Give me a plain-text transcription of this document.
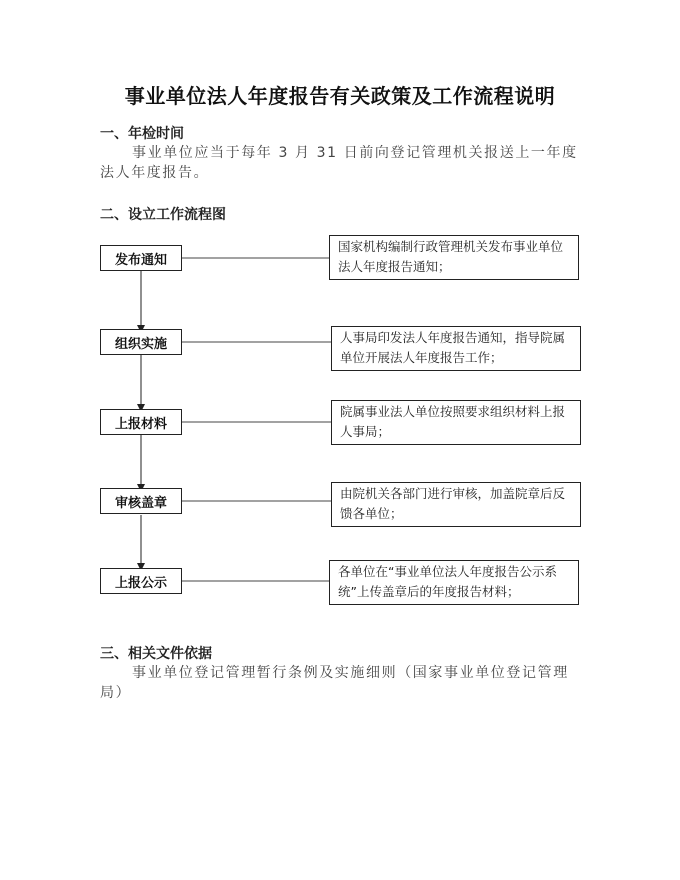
事业单位法人年度报告有关政策及工作流程说明
一、年检时间
事业单位应当于每年 3 月 31 日前向登记管理机关报送上一年度法人年度报告。
二、设立工作流程图
发布通知
国家机构编制行政管理机关发布事业单位法人年度报告通知；
组织实施	人事局印发法人年度报告通知，指导院属单位开展法人年度报告工作；
上报材料
院属事业法人单位按照要求组织材料上报人事局；
审核盖章
由院机关各部门进行审核，加盖院章后反馈各单位；
上报公示
各单位在“事业单位法人年度报告公示系统”上传盖章后的年度报告材料；
三、相关文件依据
事业单位登记管理暂行条例及实施细则（国家事业单位登记管理局）
